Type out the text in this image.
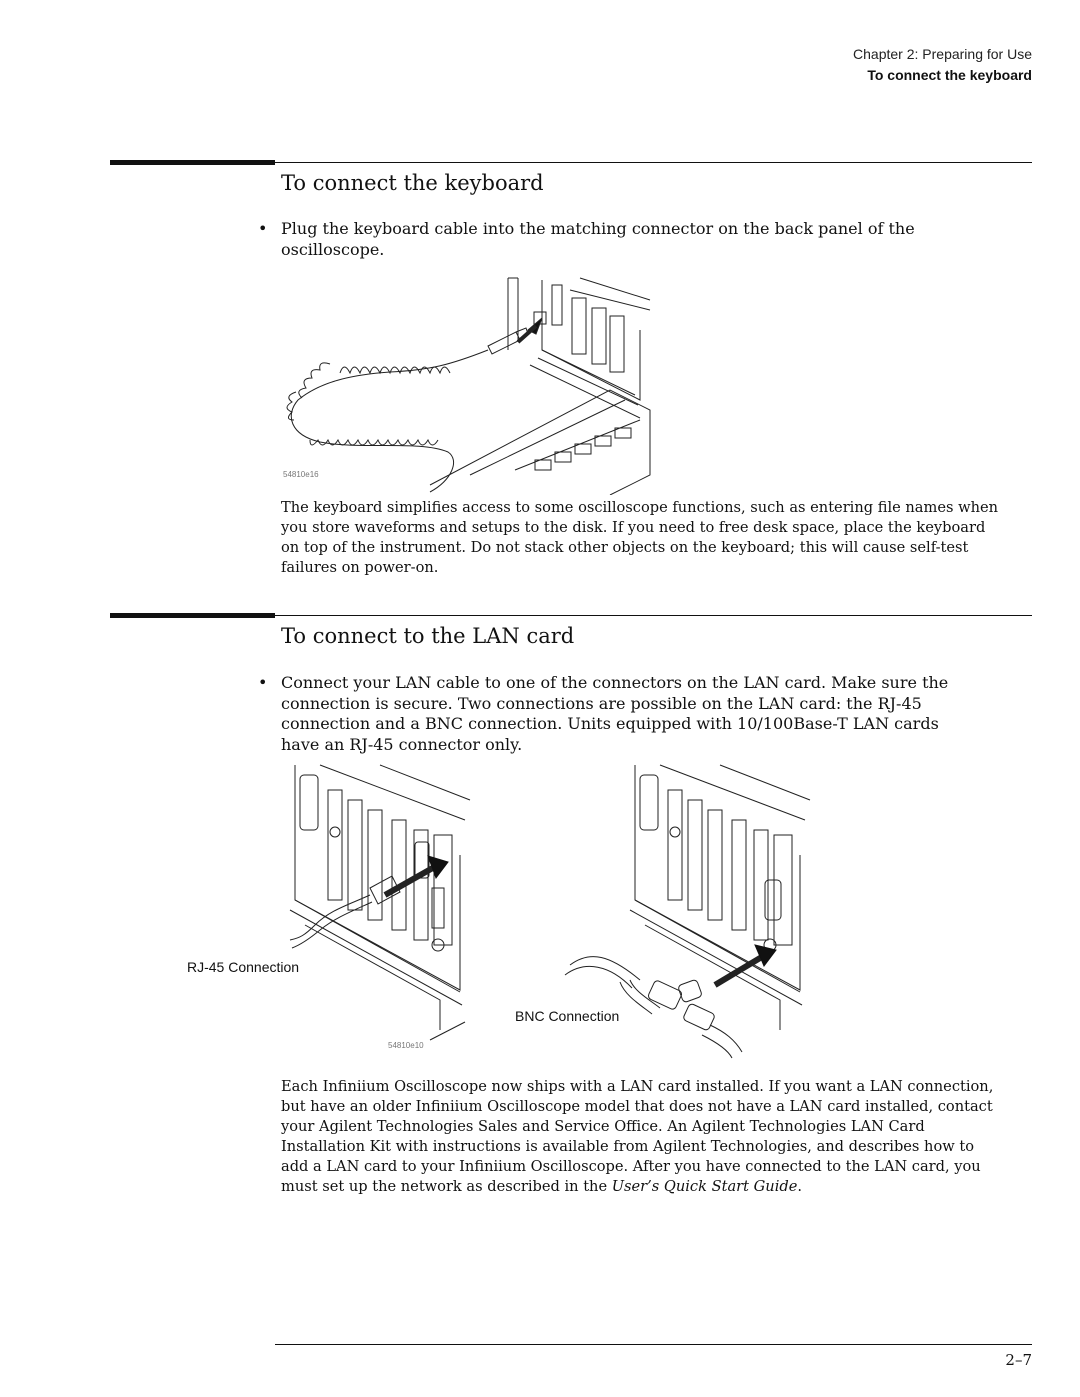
Chapter 2: Preparing for Use
To connect the keyboard
To connect the keyboard
• Plug the keyboard cable into the matching connector on the back panel of the oscilloscope.
54810e16
The keyboard simplifies access to some oscilloscope functions, such as entering file names when you store waveforms and setups to the disk. If you need to free desk space, place the keyboard on top of the instrument. Do not stack other objects on the keyboard; this will cause self-test failures on power-on.
To connect to the LAN card
• Connect your LAN cable to one of the connectors on the LAN card. Make sure the connection is secure. Two connections are possible on the LAN card: the RJ-45 connection and a BNC connection. Units equipped with 10/100Base-T LAN cards have an RJ-45 connector only.
RJ-45 Connection
BNC Connection
54810e10
Each Infiniium Oscilloscope now ships with a LAN card installed. If you want a LAN connection, but have an older Infiniium Oscilloscope model that does not have a LAN card installed, contact your Agilent Technologies Sales and Service Office. An Agilent Technologies LAN Card Installation Kit with instructions is available from Agilent Technologies, and describes how to add a LAN card to your Infiniium Oscilloscope. After you have connected to the LAN card, you must set up the network as described in the User’s Quick Start Guide.
2–7
